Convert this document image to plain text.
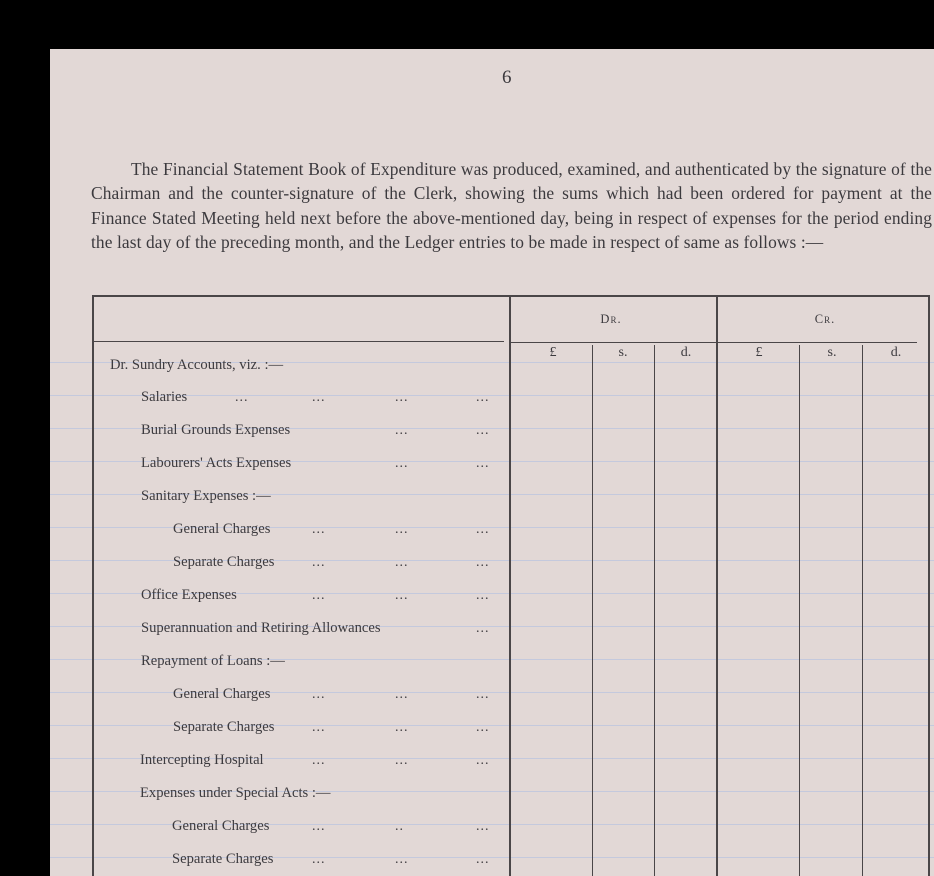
6
The Financial Statement Book of Expenditure was produced, examined, and authenticated by the signature of the Chairman and the counter-signature of the Clerk, showing the sums which had been ordered for payment at the Finance Stated Meeting held next before the above-mentioned day, being in respect of expenses for the period ending the last day of the preceding month, and the Ledger entries to be made in respect of same as follows :—
Dr.	Cr.
£	s.	d.	£	s.	d.
Dr. Sundry Accounts, viz. :—
Salaries	...	...	...	...
Burial Grounds Expenses	...	...
Labourers' Acts Expenses	...	...
Sanitary Expenses :—
General Charges	...	...	...
Separate Charges	...	...	...
Office Expenses	...	...	...
Superannuation and Retiring Allowances	...
Repayment of Loans :—
General Charges	...	...	...
Separate Charges	...	...	...
Intercepting Hospital	...	...	...
Expenses under Special Acts :—
General Charges	...	..	...
Separate Charges	...	...	...
